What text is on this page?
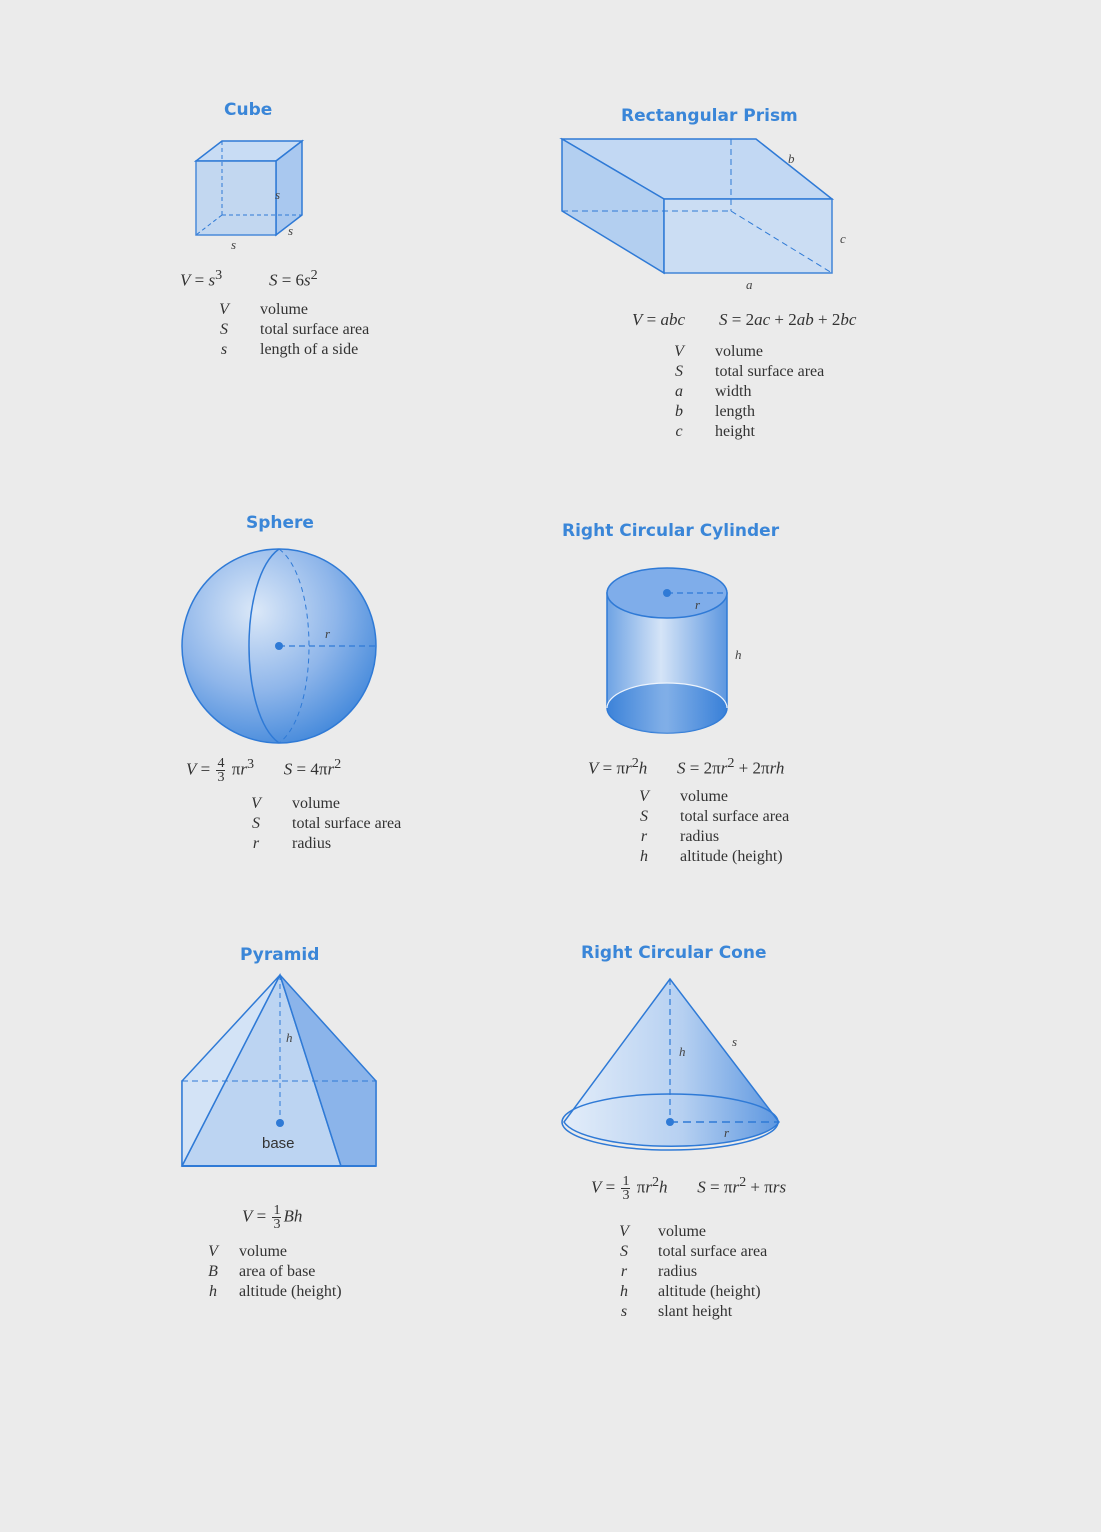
Cube
s
s
s
$V = s^3$	$S = 6s^2$
V	volume
S	total surface area
s	length of a side
Rectangular Prism
b
c
a
V = abc S = 2ac + 2ab + 2bc
V	volume
S	total surface area
a	width
b	length
c	height
Sphere
r
$V = \frac{4}{3} \pi r^3$ $S = 4\pi r^2$
V	volume
S	total surface area
r	radius
Right Circular Cylinder
r
h
$V = \pi r^2h$ $S = 2\pi r^2 + 2\pi rh$
V	volume
S	total surface area
r	radius
h	altitude (height)
Pyramid
h
base
$V = \frac{1}{3}$ Bh
V	volume
B	area of base
h	altitude (height)
Right Circular Cone
h
s
r
$V = \frac{1}{3} \pi r^2h$ $S = \pi r^2 + \pi rs$
V	volume
S	total surface area
r	radius
h	altitude (height)
s	slant height
